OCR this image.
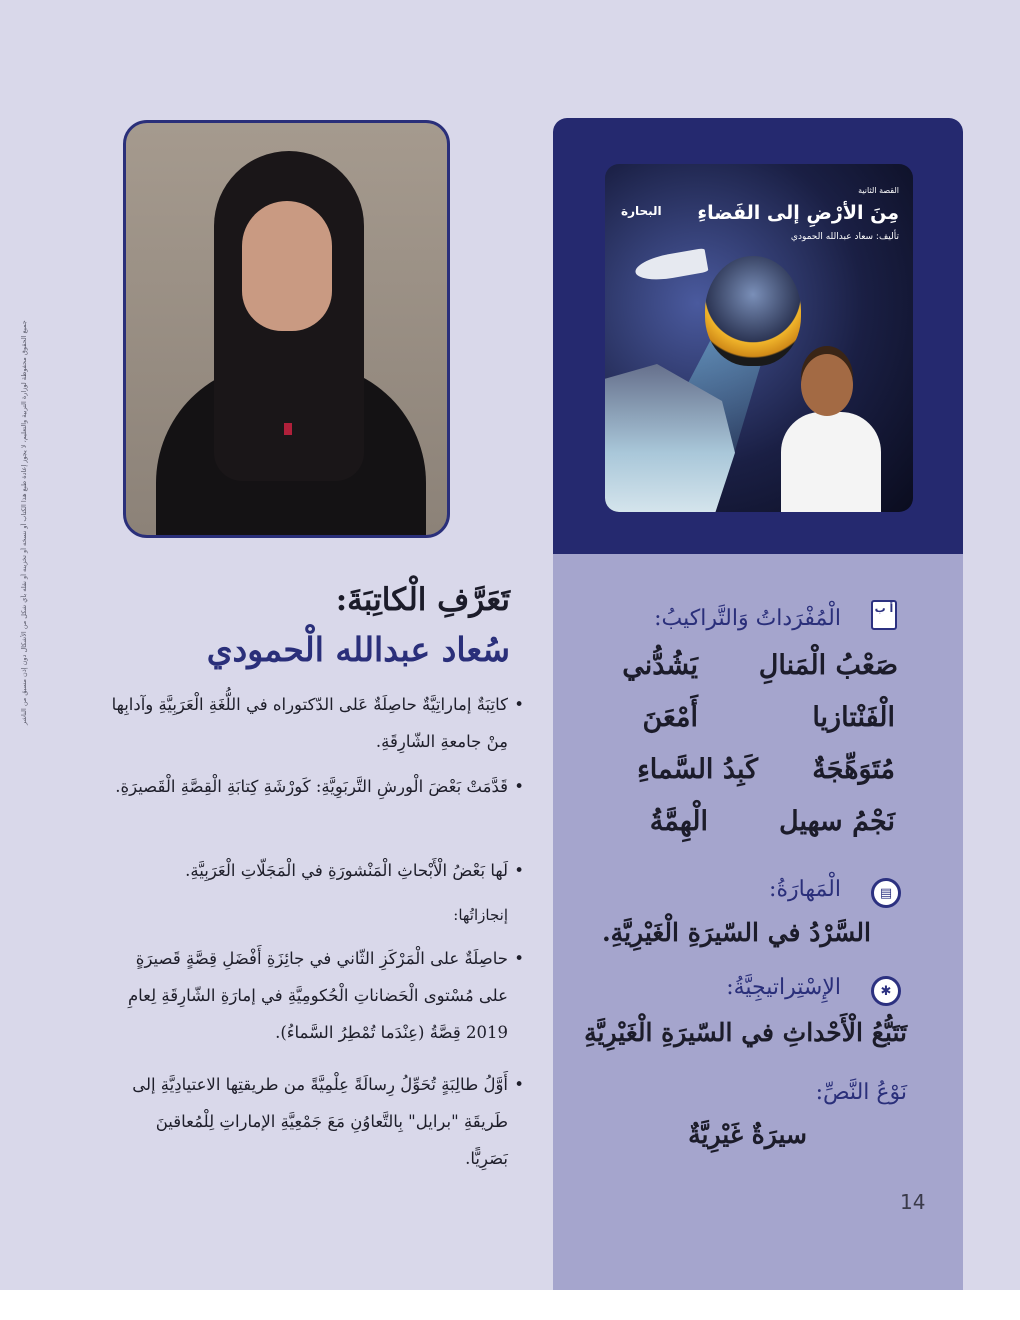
جميع الحقوق محفوظة لوزارة التربية والتعليم، لا يجوز إعادة طبع هذا الكتاب أو نسخه أو تخزينه أو نقله بأي شكل من الأشكال دون إذن مسبق من الناشر
القصة الثانية
مِنَ الأرْضِ إلى الفَضاءِ
تأليف: سعاد عبدالله الحمودي
البحارة
أ ب
الْمُفْرَداتُ وَالتَّراكيبُ:
صَعْبُ الْمَنالِ
يَشُدُّني
الْفَنْتازيا
أَمْعَنَ
مُتَوَهِّجَةٌ
كَبِدُ السَّماءِ
نَجْمُ سهيل
الْهِمَّةُ
▤
الْمَهارَةُ:
السَّرْدُ في السّيرَةِ الْغَيْرِيَّةِ.
✱
الإِسْتِراتيجِيَّةُ:
تَتَبُّعُ الْأَحْداثِ في السّيرَةِ الْغَيْرِيَّةِ
نَوْعُ النَّصِّ:
سيرَةٌ غَيْرِيَّةٌ
تَعَرَّفِ الْكاتِبَةَ:
سُعاد عبدالله الْحمودي
• كاتِبَةٌ إماراتِيَّةٌ حاصِلَةٌ عَلى الدّكتوراه في اللُّغَةِ الْعَرَبِيَّةِ وآدابِها مِنْ جامعةِ الشّارِقَةِ.
• قَدَّمَتْ بَعْضَ الْورشِ التَّربَوِيَّةِ: كَورْشَةِ كِتابَةِ الْقِصَّةِ الْقَصيرَةِ.
• لَها بَعْضُ الْأَبْحاثِ الْمَنْشورَةِ في الْمَجَلّاتِ الْعَرَبِيَّةِ.
إنجازاتُها:
• حاصِلَةٌ على الْمَرْكَزِ الثّاني في جائِزَةِ أَفْضَلِ قِصَّةٍ قَصيرَةٍ على مُسْتوى الْحَضاناتِ الْحُكومِيَّةِ في إمارَةِ الشّارِقَةِ لِعامِ 2019 قِصَّةُ (عِنْدَما تُمْطِرُ السَّماءُ).
• أَوَّلُ طالِبَةٍ تُحَوِّلُ رِسالَةً عِلْمِيَّةً من طريقتِها الاعتيادِيَّةِ إلى طَريقَةِ "برايل" بِالتَّعاوُنِ مَعَ جَمْعِيَّةِ الإماراتِ لِلْمُعاقينَ بَصَرِيًّا.
14
